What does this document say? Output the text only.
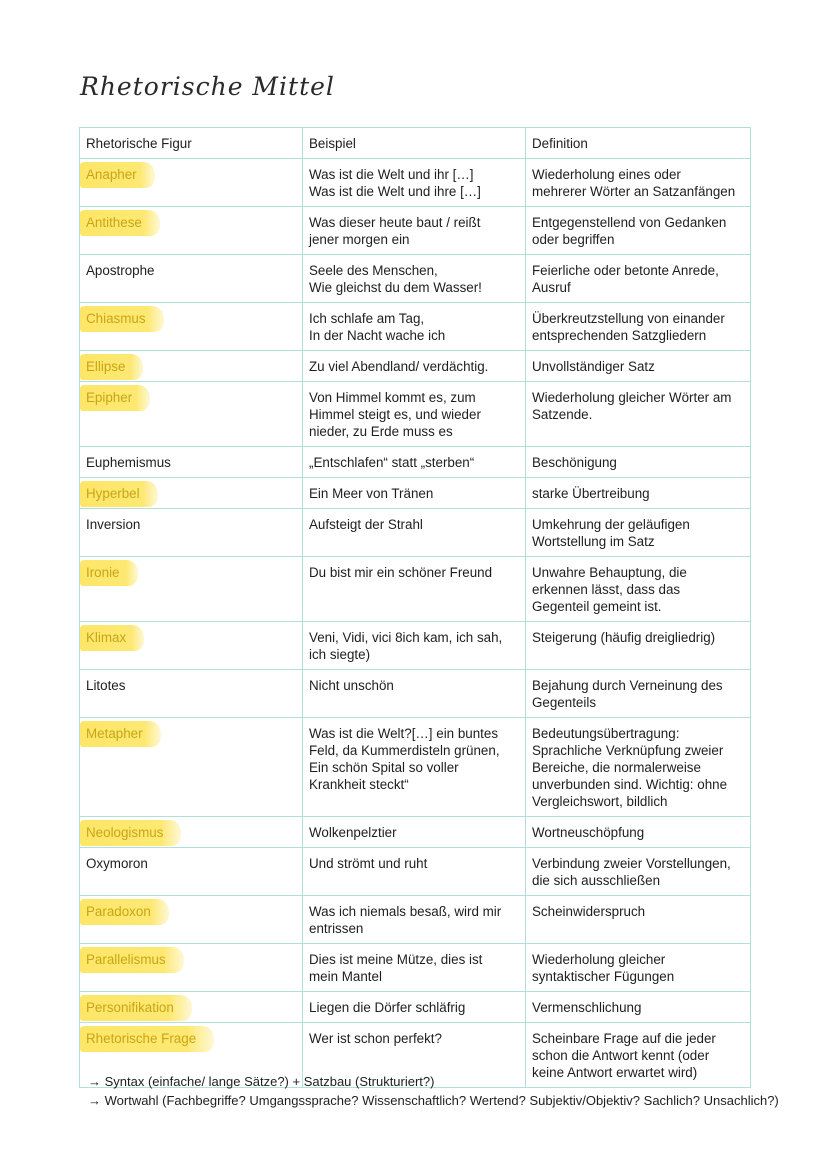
Rhetorische Mittel
Rhetorische Figur	Beispiel	Definition
Anapher	Was ist die Welt und ihr […]
Was ist die Welt und ihre […]	Wiederholung eines oder
mehrerer Wörter an Satzanfängen

Antithese	Was dieser heute baut / reißt
jener morgen ein	Entgegenstellend von Gedanken
oder begriffen

Apostrophe	Seele des Menschen,
Wie gleichst du dem Wasser!	Feierliche oder betonte Anrede,
Ausruf

Chiasmus	Ich schlafe am Tag,
In der Nacht wache ich	Überkreutzstellung von einander
entsprechenden Satzgliedern

Ellipse	Zu viel Abendland/ verdächtig.	Unvollständiger Satz

Epipher	Von Himmel kommt es, zum
Himmel steigt es, und wieder
nieder, zu Erde muss es	Wiederholung gleicher Wörter am
Satzende.

Euphemismus	„Entschlafen“ statt „sterben“	Beschönigung

Hyperbel	Ein Meer von Tränen	starke Übertreibung

Inversion	Aufsteigt der Strahl	Umkehrung der geläufigen
Wortstellung im Satz

Ironie	Du bist mir ein schöner Freund	Unwahre Behauptung, die
erkennen lässt, dass das
Gegenteil gemeint ist.

Klimax	Veni, Vidi, vici 8ich kam, ich sah,
ich siegte)	Steigerung (häufig dreigliedrig)

Litotes	Nicht unschön	Bejahung durch Verneinung des
Gegenteils

Metapher	Was ist die Welt?[…] ein buntes
Feld, da Kummerdisteln grünen,
Ein schön Spital so voller
Krankheit steckt“	Bedeutungsübertragung:
Sprachliche Verknüpfung zweier
Bereiche, die normalerweise
unverbunden sind. Wichtig: ohne
Vergleichswort, bildlich

Neologismus	Wolkenpelztier	Wortneuschöpfung

Oxymoron	Und strömt und ruht	Verbindung zweier Vorstellungen,
die sich ausschließen

Paradoxon	Was ich niemals besaß, wird mir
entrissen	Scheinwiderspruch

Parallelismus	Dies ist meine Mütze, dies ist
mein Mantel	Wiederholung gleicher
syntaktischer Fügungen

Personifikation	Liegen die Dörfer schläfrig	Vermenschlichung

Rhetorische Frage	Wer ist schon perfekt?	Scheinbare Frage auf die jeder
schon die Antwort kennt (oder
keine Antwort erwartet wird)
→ Syntax (einfache/ lange Sätze?) + Satzbau (Strukturiert?)
→ Wortwahl (Fachbegriffe? Umgangssprache? Wissenschaftlich? Wertend? Subjektiv/Objektiv? Sachlich? Unsachlich?)
